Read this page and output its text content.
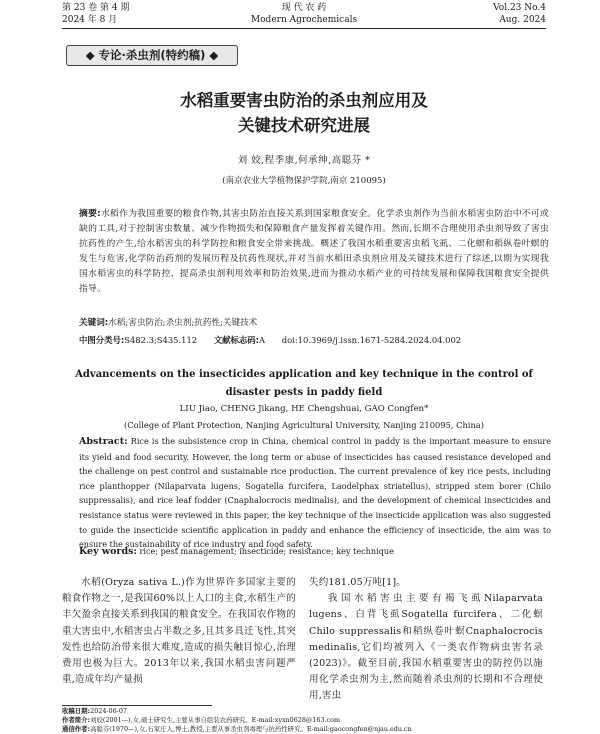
第 23 卷 第 4 期	现 代 农 药	Vol.23 No.4
2024 年 8 月	Modern Agrochemicals	Aug. 2024
◆ 专论·杀虫剂(特约稿) ◆
水稻重要害虫防治的杀虫剂应用及
关键技术研究进展
刘 姣,程季康,何承绅,高聪芬 *
(南京农业大学植物保护学院,南京 210095)
摘要:水稻作为我国重要的粮食作物,其害虫防治直接关系到国家粮食安全。化学杀虫剂作为当前水稻害虫防治中不可或缺的工具,对于控制害虫数量、减少作物损失和保障粮食产量发挥着关键作用。然而,长期不合理使用杀虫剂导致了害虫抗药性的产生,给水稻害虫的科学防控和粮食安全带来挑战。概述了我国水稻重要害虫稻飞虱、二化螟和稻纵卷叶螟的发生与危害,化学防治药剂的发展历程及抗药性现状,并对当前水稻田杀虫剂应用及关键技术进行了综述,以期为实现我国水稻害虫的科学防控、提高杀虫剂利用效率和防治效果,进而为推动水稻产业的可持续发展和保障我国粮食安全提供指导。
关键词:水稻;害虫防治;杀虫剂;抗药性;关键技术
中图分类号:S482.3;S435.112 文献标志码:A doi:10.3969/j.issn.1671-5284.2024.04.002
Advancements on the insecticides application and key technique in the control of
disaster pests in paddy field
LIU Jiao, CHENG Jikang, HE Chengshuai, GAO Congfen*
(College of Plant Protection, Nanjing Agricultural University, Nanjing 210095, China)
Abstract: Rice is the subsistence crop in China, chemical control in paddy is the important measure to ensure its yield and food security. However, the long term or abuse of insecticides has caused resistance developed and the challenge on pest control and sustainable rice production. The current prevalence of key rice pests, including rice planthopper (Nilaparvata lugens, Sogatella furcifera, Laodelphax striatellus), stripped stem borer (Chilo suppressalis), and rice leaf fodder (Cnaphalocrocis medinalis), and the development of chemical insecticides and resistance status were reviewed in this paper, the key technique of the insecticide application was also suggested to guide the insecticide scientific application in paddy and enhance the efficiency of insecticide, the aim was to ensure the sustainability of rice industry and food safety.
Key words: rice; pest management; insecticide; resistance; key technique

水稻(Oryza sativa L.)作为世界许多国家主要的粮食作物之一,是我国60%以上人口的主食,水稻生产的丰欠盈余直接关系到我国的粮食安全。在我国农作物的重大害虫中,水稻害虫占半数之多,且其多具迁飞性,其突发性也给防治带来很大难度,造成的损失触目惊心,治理费用也极为巨大。2013年以来,我国水稻虫害问题严重,造成年均产量损

失约181.05万吨[1]。

我国水稻害虫主要有褐飞虱Nilaparvata lugens、白背飞虱Sogatella furcifera、二化螟Chilo suppressalis和稻纵卷叶螟Cnaphalocrocis medinalis,它们均被列入《一类农作物病虫害名录(2023)》。截至目前,我国水稻重要害虫的防控仍以施用化学杀虫剂为主,然而随着杀虫剂的长期和不合理使用,害虫

收稿日期:2024-06-07
作者简介:刘姣(2001—),女,硕士研究生,主要从事自组装农药研究。E-mail:xyxn0628@163.com
通信作者:高聪芬(1970—),女,石家庄人,博士,教授,主要从事杀虫剂毒理与抗药性研究。E-mail:gaocongfen@njau.edu.cn
